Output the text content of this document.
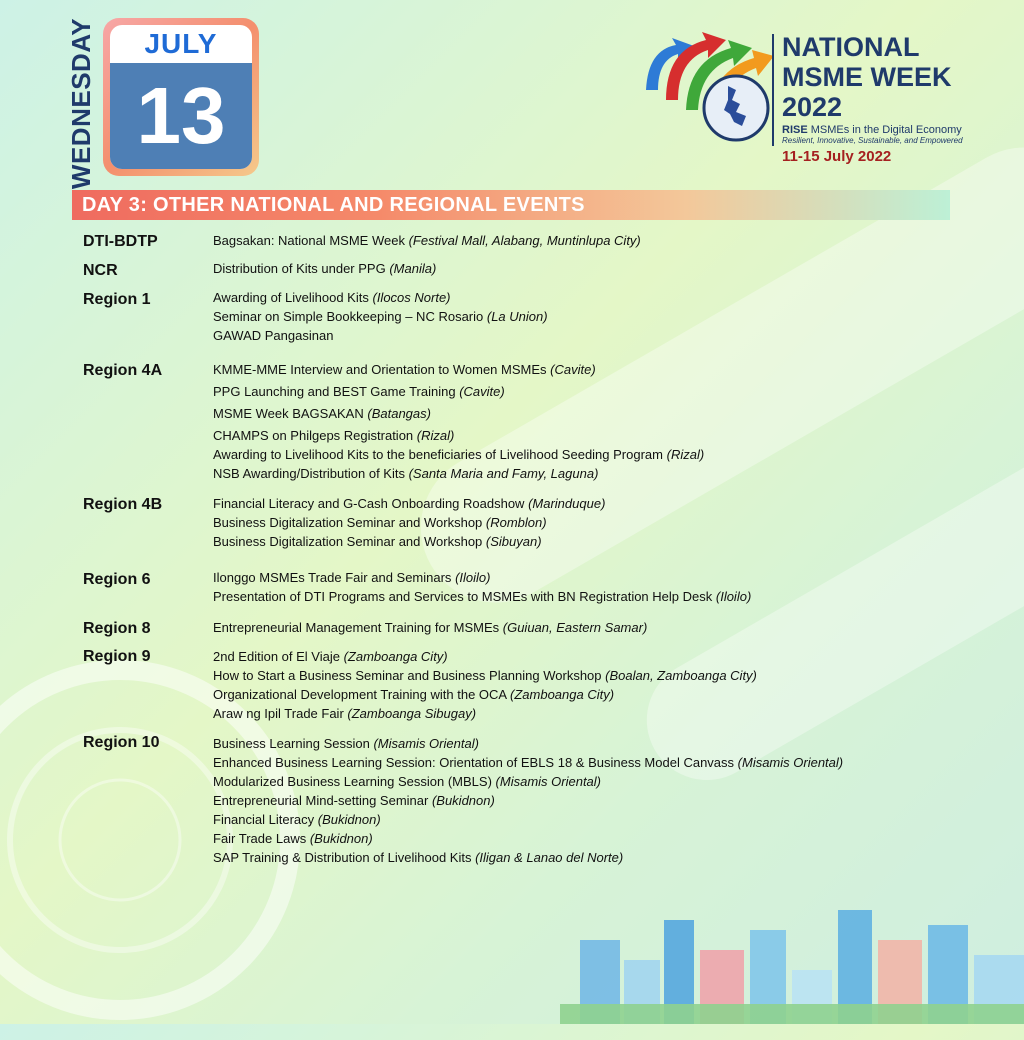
WEDNESDAY	JULY
13
NATIONAL
MSME WEEK
2022
RISE MSMEs in the Digital Economy
Resilient, Innovative, Sustainable, and Empowered
11-15 July 2022
DAY 3: OTHER NATIONAL AND REGIONAL EVENTS
DTI-BDTP	Bagsakan: National MSME Week (Festival Mall, Alabang, Muntinlupa City)
NCR	Distribution of Kits under PPG (Manila)
Region 1	Awarding of Livelihood Kits (Ilocos Norte)
Seminar on Simple Bookkeeping – NC Rosario (La Union)
GAWAD Pangasinan
Region 4A	KMME-MME Interview and Orientation to Women MSMEs (Cavite)
PPG Launching and BEST Game Training (Cavite)
MSME Week BAGSAKAN (Batangas)
CHAMPS on Philgeps Registration (Rizal)
Awarding to Livelihood Kits to the beneficiaries of Livelihood Seeding Program (Rizal)
NSB Awarding/Distribution of Kits (Santa Maria and Famy, Laguna)
Region 4B	Financial Literacy and G-Cash Onboarding Roadshow (Marinduque)
Business Digitalization Seminar and Workshop (Romblon)
Business Digitalization Seminar and Workshop (Sibuyan)
Region 6	Ilonggo MSMEs Trade Fair and Seminars (Iloilo)
Presentation of DTI Programs and Services to MSMEs with BN Registration Help Desk (Iloilo)
Region 8	Entrepreneurial Management Training for MSMEs (Guiuan, Eastern Samar)
Region 9	2nd Edition of El Viaje (Zamboanga City)
How to Start a Business Seminar and Business Planning Workshop (Boalan, Zamboanga City)
Organizational Development Training with the OCA (Zamboanga City)
Araw ng Ipil Trade Fair (Zamboanga Sibugay)
Region 10	Business Learning Session (Misamis Oriental)
Enhanced Business Learning Session: Orientation of EBLS 18 & Business Model Canvass (Misamis Oriental)
Modularized Business Learning Session (MBLS) (Misamis Oriental)
Entrepreneurial Mind-setting Seminar (Bukidnon)
Financial Literacy (Bukidnon)
Fair Trade Laws (Bukidnon)
SAP Training & Distribution of Livelihood Kits (Iligan & Lanao del Norte)
